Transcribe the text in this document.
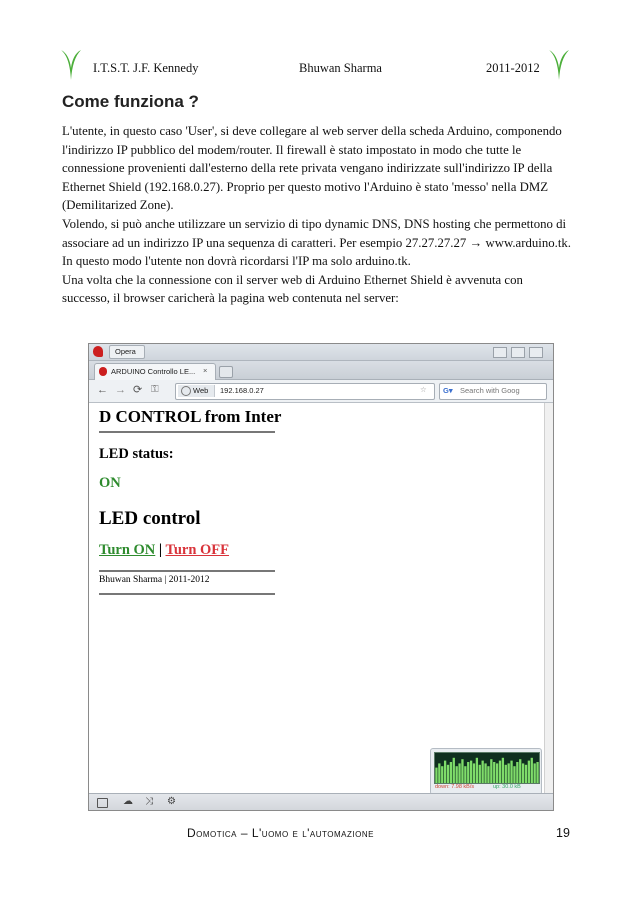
I.T.S.T. J.F. Kennedy	Bhuwan Sharma	2011-2012
Come funziona ?

L'utente, in questo caso 'User', si deve collegare al web server della scheda Arduino, componendo l'indirizzo IP pubblico del modem/router. Il firewall è stato impostato in modo che tutte le connessione provenienti dall'esterno della rete privata vengano indirizzate sull'indirizzo IP della Ethernet Shield (192.168.0.27). Proprio per questo motivo l'Arduino è stato 'messo' nella DMZ (Demilitarized Zone).

Volendo, si può anche utilizzare un servizio di tipo dynamic DNS, DNS hosting che permettono di associare ad un indirizzo IP una sequenza di caratteri. Per esempio 27.27.27.27 → www.arduino.tk. In questo modo l'utente non dovrà ricordarsi l'IP ma solo arduino.tk.

Una volta che la connessione con il server web di Arduino Ethernet Shield è avvenuta con successo, il browser caricherà la pagina web contenuta nel server:

Opera
ARDUINO Controllo LE... ×
← → ⟳ ⚿	Web 192.168.0.27	☆ G▾ Search with Goog
D CONTROL from Inter
LED status:
ON
LED control
Turn ON | Turn OFF
Bhuwan Sharma | 2011-2012
down: 7.98 kB/s	up: 30.0 kB
☁ ⤨ ⚙
Domotica – L'uomo e l'automazione	19
